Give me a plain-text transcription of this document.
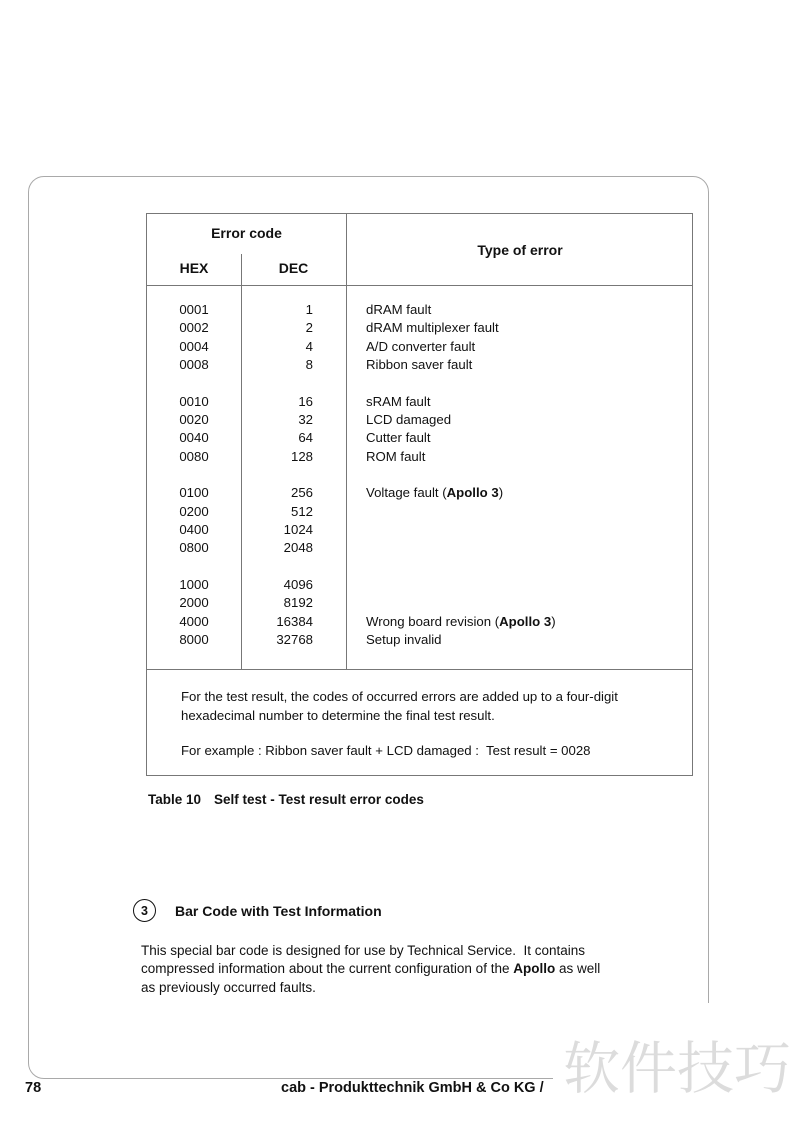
Error code
HEX	DEC
Type of error
0001	1	dRAM fault
0002	2	dRAM multiplexer fault
0004	4	A/D converter fault
0008	8	Ribbon saver fault
0010	16	sRAM fault
0020	32	LCD damaged
0040	64	Cutter fault
0080	128	ROM fault
0100	256	Voltage fault (Apollo 3)
0200	512
0400	1024
0800	2048
1000	4096
2000	8192
4000	16384	Wrong board revision (Apollo 3)
8000	32768	Setup invalid
For the test result, the codes of occurred errors are added up to a four-digit
hexadecimal number to determine the final test result.
For example : Ribbon saver fault + LCD damaged :  Test result = 0028
Table 10 Self test - Test result error codes
3	Bar Code with Test Information
This special bar code is designed for use by Technical Service.  It contains
compressed information about the current configuration of the Apollo as well
as previously occurred faults.
78	cab - Produkttechnik GmbH & Co KG / 软件技巧
